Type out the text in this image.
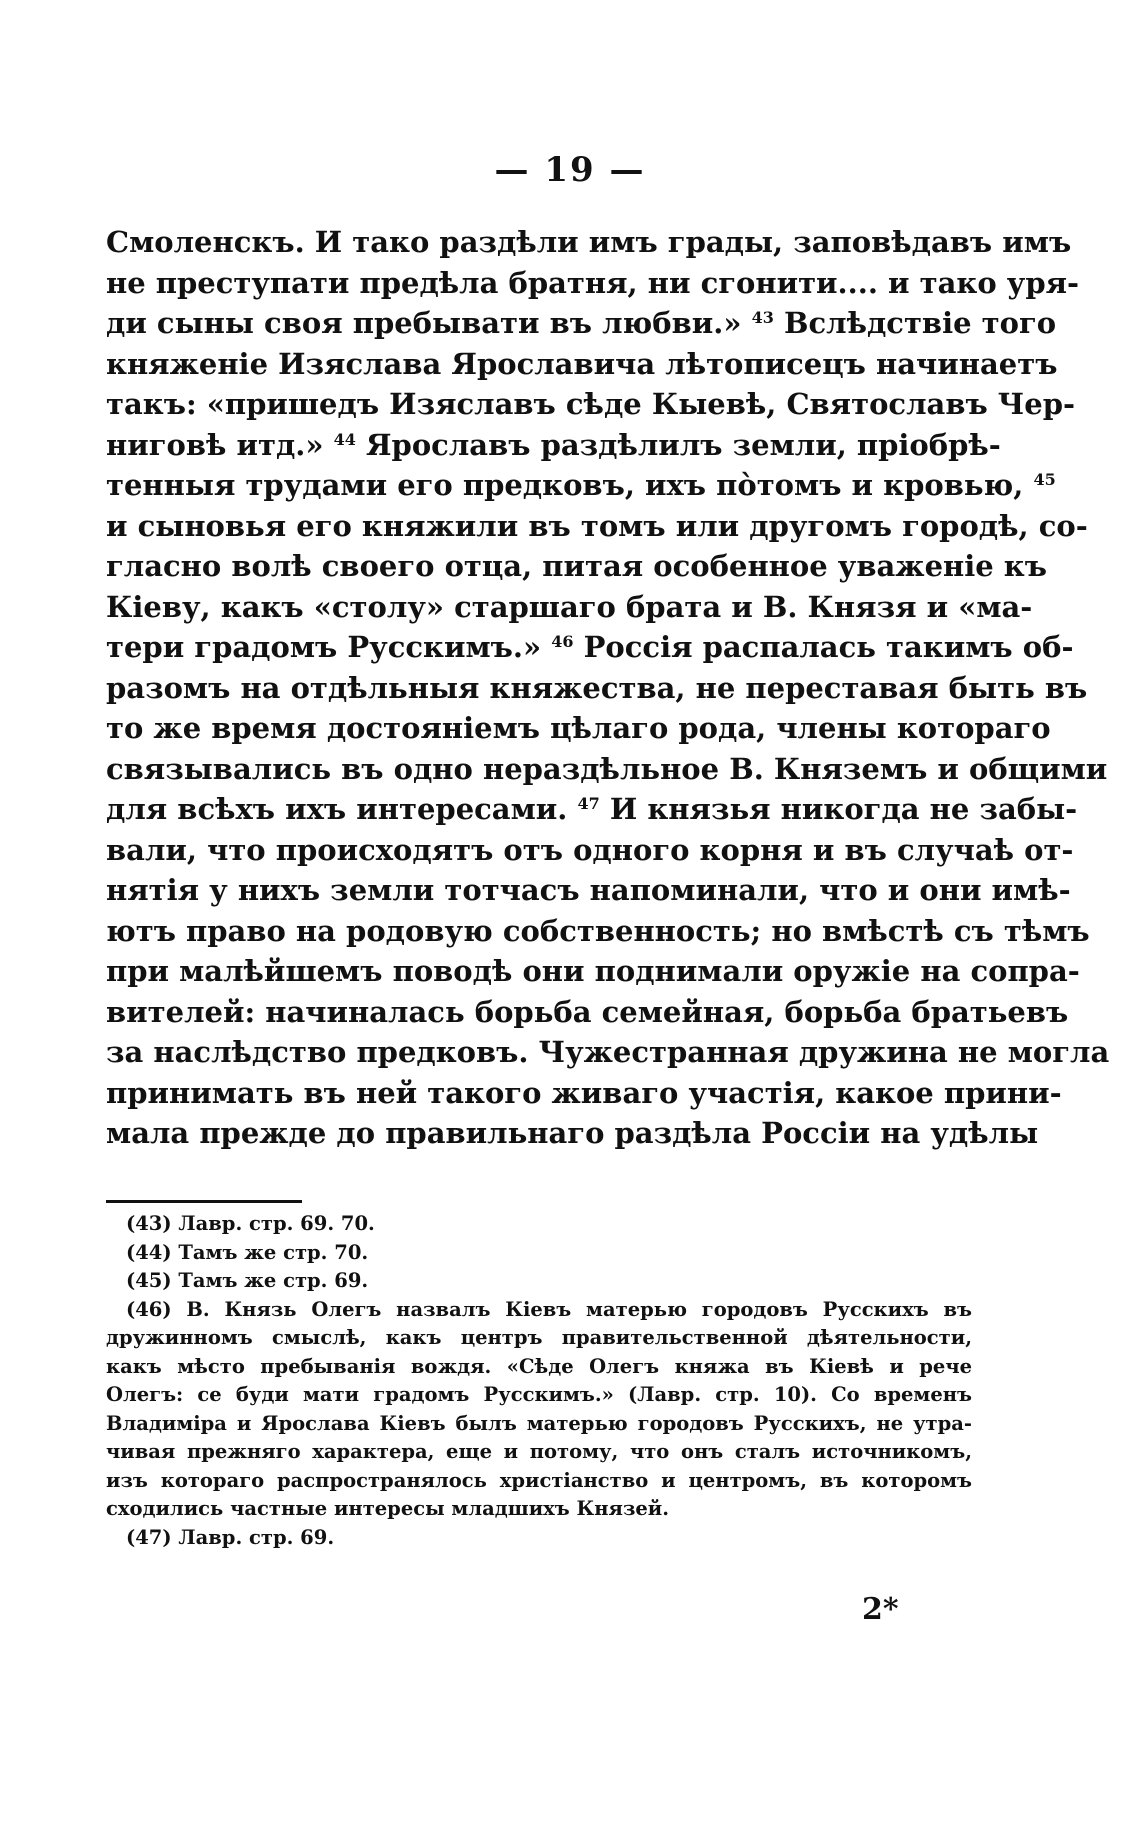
— 19 —
Смоленскъ. И тако раздѣли имъ грады, заповѣдавъ имъ
не преступати предѣла братня, ни сгонити.... и тако уря-
ди сыны своя пребывати въ любви.» $^{43}$ Вслѣдствіе того
княженіе Изяслава Ярославича лѣтописецъ начинаетъ
такъ: «пришедъ Изяславъ сѣде Кыевѣ, Святославъ Чер-
ниговѣ итд.» $^{44}$ Ярославъ раздѣлилъ земли, пріобрѣ-
тенныя трудами его предковъ, ихъ пòтомъ и кровью, $^{45}$
и сыновья его княжили въ томъ или другомъ городѣ, со-
гласно волѣ своего отца, питая особенное уваженіе къ
Кіеву, какъ «столу» старшаго брата и В. Князя и «ма-
тери градомъ Русскимъ.» $^{46}$ Россія распалась такимъ об-
разомъ на отдѣльныя княжества, не переставая быть въ
то же время достояніемъ цѣлаго рода, члены котораго
связывались въ одно нераздѣльное В. Княземъ и общими
для всѣхъ ихъ интересами. $^{47}$ И князья никогда не забы-
вали, что происходятъ отъ одного корня и въ случаѣ от-
нятія у нихъ земли тотчасъ напоминали, что и они имѣ-
ютъ право на родовую собственность; но вмѣстѣ съ тѣмъ
при малѣйшемъ поводѣ они поднимали оружіе на сопра-
вителей: начиналась борьба семейная, борьба братьевъ
за наслѣдство предковъ. Чужестранная дружина не могла
принимать въ ней такого живаго участія, какое прини-
мала прежде до правильнаго раздѣла Россіи на удѣлы
(43) Лавр. стр. 69. 70.
(44) Тамъ же стр. 70.
(45) Тамъ же стр. 69.
(46) В. Князь Олегъ назвалъ Кіевъ матерью городовъ Русскихъ въ
дружинномъ смыслѣ, какъ центръ правительственной дѣятельности,
какъ мѣсто пребыванія вождя. «Сѣде Олегъ княжа въ Кіевѣ и рече
Олегъ: се буди мати градомъ Русскимъ.» (Лавр. стр. 10). Со временъ
Владиміра и Ярослава Кіевъ былъ матерью городовъ Русскихъ, не утра-
чивая прежняго характера, еще и потому, что онъ сталъ источникомъ,
изъ котораго распространялось христіанство и центромъ, въ которомъ
сходились частные интересы младшихъ Князей.
(47) Лавр. стр. 69.
2*
